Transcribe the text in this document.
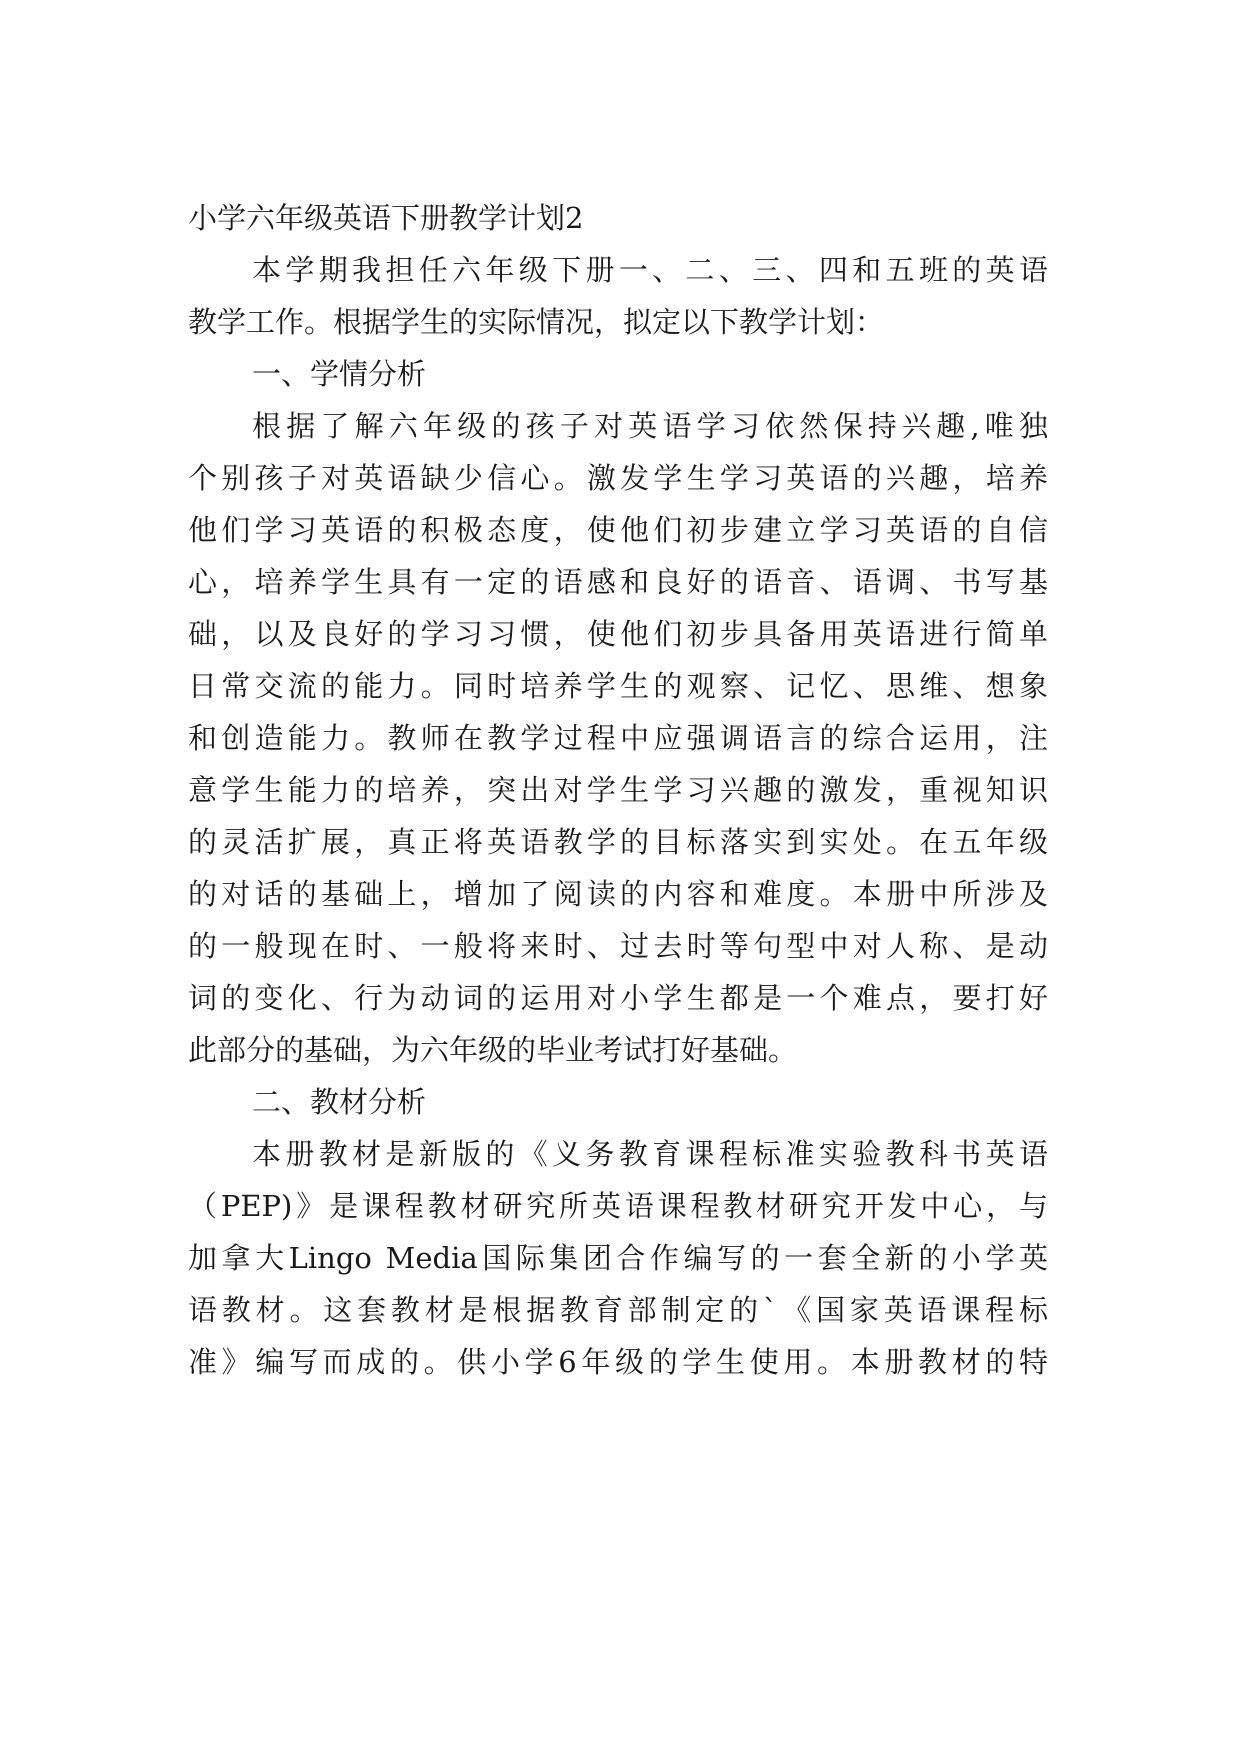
小学六年级英语下册教学计划2

本学期我担任六年级下册一、二、三、四和五班的英语

教学工作。根据学生的实际情况，拟定以下教学计划：

一、学情分析

根据了解六年级的孩子对英语学习依然保持兴趣,唯独

个别孩子对英语缺少信心。激发学生学习英语的兴趣，培养

他们学习英语的积极态度，使他们初步建立学习英语的自信

心，培养学生具有一定的语感和良好的语音、语调、书写基

础，以及良好的学习习惯，使他们初步具备用英语进行简单

日常交流的能力。同时培养学生的观察、记忆、思维、想象

和创造能力。教师在教学过程中应强调语言的综合运用，注

意学生能力的培养，突出对学生学习兴趣的激发，重视知识

的灵活扩展，真正将英语教学的目标落实到实处。在五年级

的对话的基础上，增加了阅读的内容和难度。本册中所涉及

的一般现在时、一般将来时、过去时等句型中对人称、是动

词的变化、行为动词的运用对小学生都是一个难点，要打好

此部分的基础，为六年级的毕业考试打好基础。

二、教材分析

本册教材是新版的《义务教育课程标准实验教科书英语

（PEP)》是课程教材研究所英语课程教材研究开发中心，与

加拿大Lingo Media国际集团合作编写的一套全新的小学英

语教材。这套教材是根据教育部制定的`《国家英语课程标

准》编写而成的。供小学6年级的学生使用。本册教材的特
